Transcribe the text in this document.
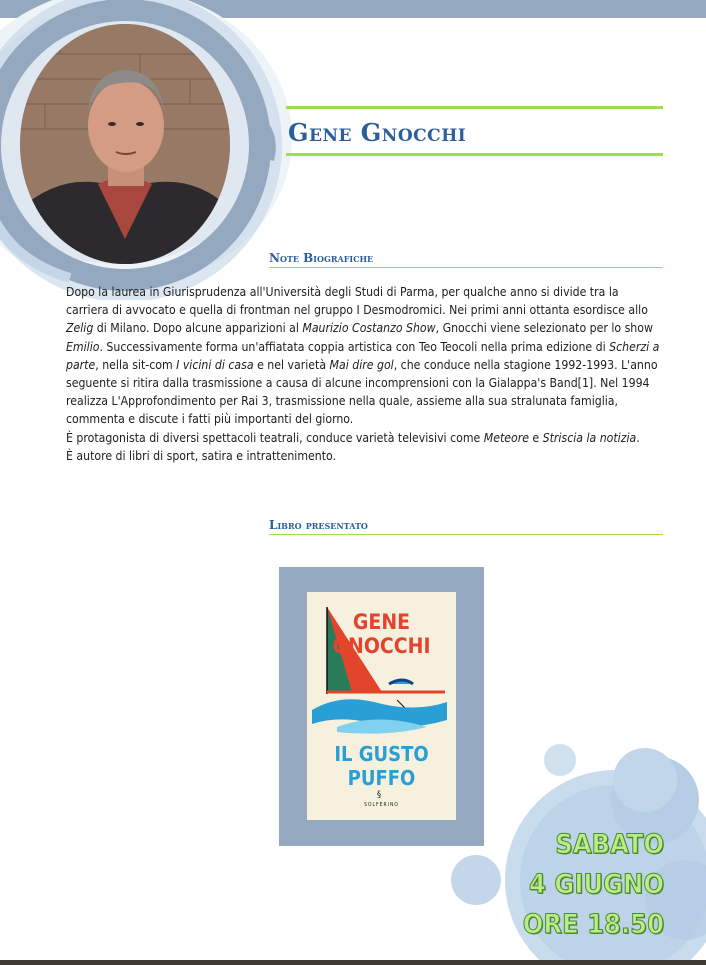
Gene Gnocchi
Note Biografiche

Dopo la laurea in Giurisprudenza all'Università degli Studi di Parma, per qualche anno si divide tra la carriera di avvocato e quella di frontman nel gruppo I Desmodromici. Nei primi anni ottanta esordisce allo Zelig di Milano. Dopo alcune apparizioni al Maurizio Costanzo Show, Gnocchi viene selezionato per lo show Emilio. Successivamente forma un'affiatata coppia artistica con Teo Teocoli nella prima edizione di Scherzi a parte, nella sit-com I vicini di casa e nel varietà Mai dire gol, che conduce nella stagione 1992-1993. L'anno seguente si ritira dalla trasmissione a causa di alcune incomprensioni con la Gialappa's Band[1]. Nel 1994 realizza L'Approfondimento per Rai 3, trasmissione nella quale, assieme alla sua stralunata famiglia, commenta e discute i fatti più importanti del giorno.

È protagonista di diversi spettacoli teatrali, conduce varietà televisivi come Meteore e Striscia la notizia.

È autore di libri di sport, satira e intrattenimento.

Libro presentato
GENE
GNOCCHI
IL GUSTO PUFFO
§
SOLFERINO
SABATO
4 GIUGNO
ORE 18.50
